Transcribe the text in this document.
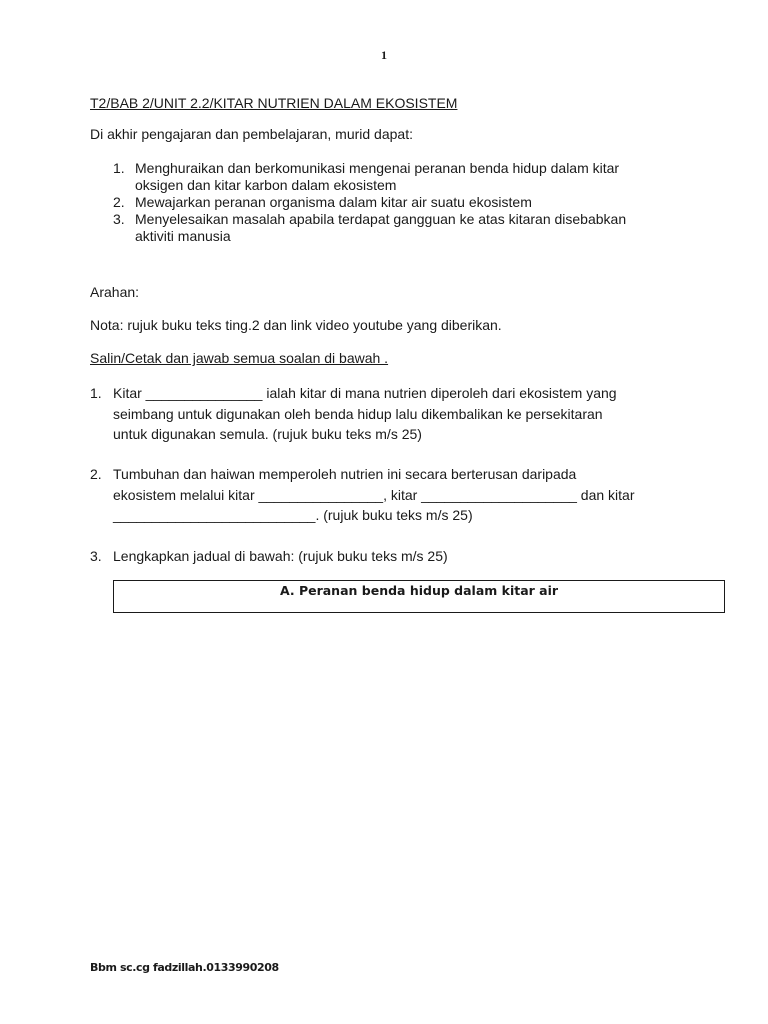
1
T2/BAB 2/UNIT 2.2/KITAR NUTRIEN DALAM EKOSISTEM
Di akhir pengajaran dan pembelajaran, murid dapat:
1. Menghuraikan dan berkomunikasi mengenai peranan benda hidup dalam kitar
oksigen dan kitar karbon dalam ekosistem
2. Mewajarkan peranan organisma dalam kitar air suatu ekosistem
3. Menyelesaikan masalah apabila terdapat gangguan ke atas kitaran disebabkan
aktiviti manusia
Arahan:
Nota: rujuk buku teks ting.2 dan link video youtube yang diberikan.
Salin/Cetak dan jawab semua soalan di bawah .
1. Kitar _______________ ialah kitar di mana nutrien diperoleh dari ekosistem yang
seimbang untuk digunakan oleh benda hidup lalu dikembalikan ke persekitaran
untuk digunakan semula. (rujuk buku teks m/s 25)
2. Tumbuhan dan haiwan memperoleh nutrien ini secara berterusan daripada
ekosistem melalui kitar ________________, kitar ____________________ dan kitar
__________________________. (rujuk buku teks m/s 25)
3. Lengkapkan jadual di bawah: (rujuk buku teks m/s 25)
A. Peranan benda hidup dalam kitar air
Bbm sc.cg fadzillah.0133990208
